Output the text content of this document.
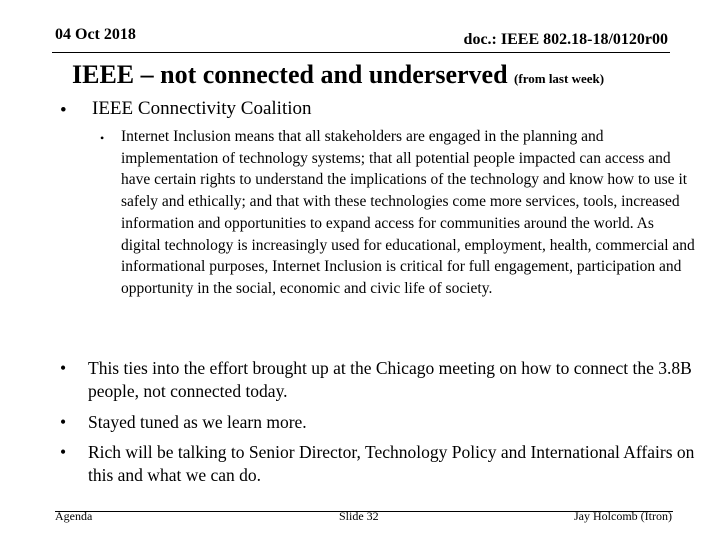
04 Oct 2018	doc.: IEEE 802.18-18/0120r00
IEEE – not connected and underserved (from last week)
• IEEE Connectivity Coalition
• Internet Inclusion means that all stakeholders are engaged in the planning and implementation of technology systems; that all potential people impacted can access and have certain rights to understand the implications of the technology and know how to use it safely and ethically; and that with these technologies come more services, tools, increased information and opportunities to expand access for communities around the world. As digital technology is increasingly used for educational, employment, health, commercial and informational purposes, Internet Inclusion is critical for full engagement, participation and opportunity in the social, economic and civic life of society.
• This ties into the effort brought up at the Chicago meeting on how to connect the 3.8B people, not connected today.
• Stayed tuned as we learn more.
• Rich will be talking to Senior Director, Technology Policy and International Affairs on this and what we can do.
Agenda	Slide 32	Jay Holcomb (Itron)
